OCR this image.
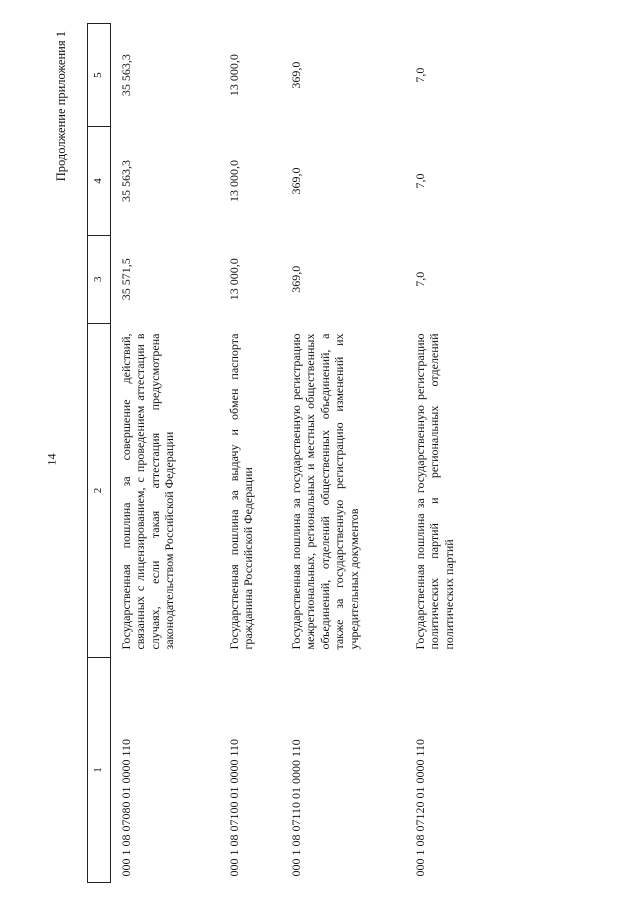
14
Продолжение приложения 1
1	2	3	4	5
000 1 08 07080 01 0000 110	Государственная пошлина за совершение действий, связанных с лицензированием, с проведением аттестации в случаях, если такая аттестация предусмотрена законодательством Российской Федерации	35 571,5	35 563,3	35 563,3
000 1 08 07100 01 0000 110	Государственная пошлина за выдачу и обмен паспорта гражданина Российской Федерации	13 000,0	13 000,0	13 000,0
000 1 08 07110 01 0000 110	Государственная пошлина за государственную регистрацию межрегиональных, региональных и местных общественных объединений, отделений общественных объединений, а также за государственную регистрацию изменений их учредительных документов	369,0	369,0	369,0
000 1 08 07120 01 0000 110	Государственная пошлина за государственную регистрацию политических партий и региональных отделений политических партий	7,0	7,0	7,0
